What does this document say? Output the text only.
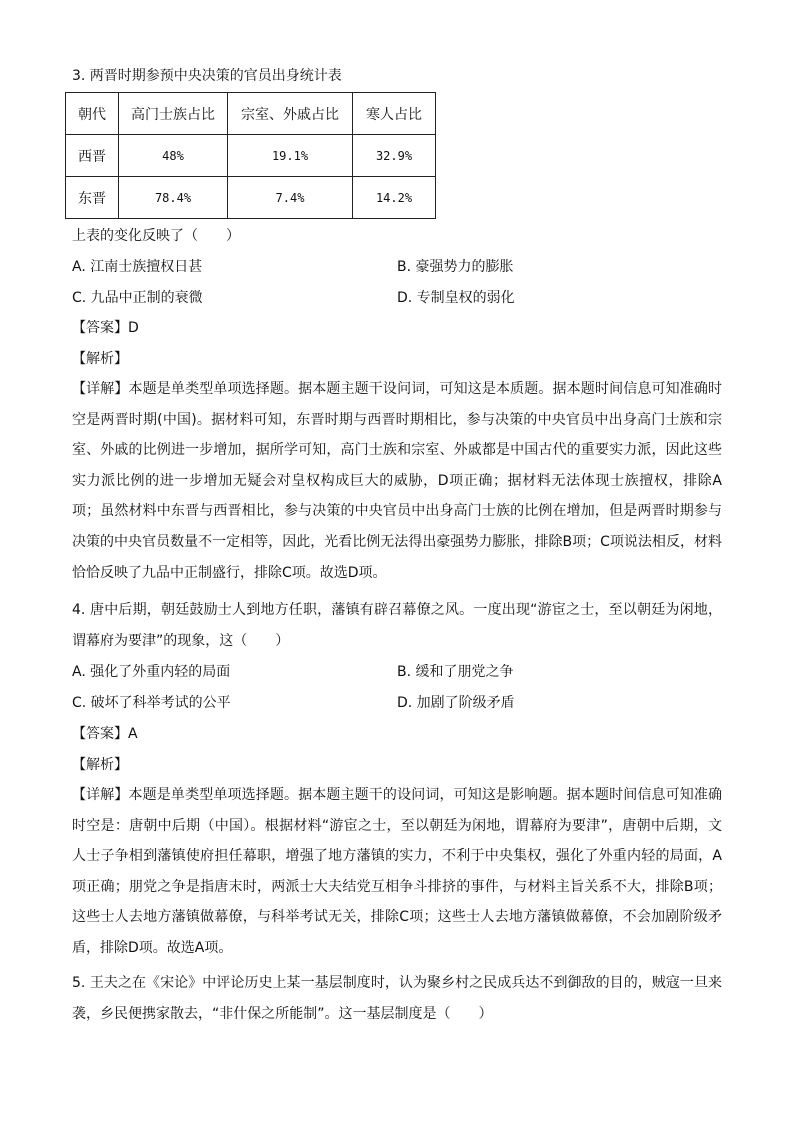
3. 两晋时期参预中央决策的官员出身统计表
朝代	高门士族占比	宗室、外戚占比	寒人占比
西晋	48%	19.1%	32.9%
东晋	78.4%	7.4%	14.2%
上表的变化反映了（　　）
A. 江南士族擅权日甚	B. 豪强势力的膨胀
C. 九品中正制的衰微	D. 专制皇权的弱化
【答案】D
【解析】
【详解】本题是单类型单项选择题。据本题主题干设问词，可知这是本质题。据本题时间信息可知准确时空是两晋时期(中国)。据材料可知，东晋时期与西晋时期相比，参与决策的中央官员中出身高门士族和宗室、外戚的比例进一步增加，据所学可知，高门士族和宗室、外戚都是中国古代的重要实力派，因此这些实力派比例的进一步增加无疑会对皇权构成巨大的威胁，D项正确；据材料无法体现士族擅权，排除A项；虽然材料中东晋与西晋相比，参与决策的中央官员中出身高门士族的比例在增加，但是两晋时期参与决策的中央官员数量不一定相等，因此，光看比例无法得出豪强势力膨胀，排除B项；C项说法相反，材料恰恰反映了九品中正制盛行，排除C项。故选D项。
4. 唐中后期，朝廷鼓励士人到地方任职，藩镇有辟召幕僚之风。一度出现“游宦之士，至以朝廷为闲地，谓幕府为要津”的现象，这（　　）
A. 强化了外重内轻的局面	B. 缓和了朋党之争
C. 破坏了科举考试的公平	D. 加剧了阶级矛盾
【答案】A
【解析】
【详解】本题是单类型单项选择题。据本题主题干的设问词，可知这是影响题。据本题时间信息可知准确时空是：唐朝中后期（中国）。根据材料“游宦之士，至以朝廷为闲地，谓幕府为要津”，唐朝中后期，文人士子争相到藩镇使府担任幕职，增强了地方藩镇的实力，不利于中央集权，强化了外重内轻的局面，A项正确；朋党之争是指唐末时，两派士大夫结党互相争斗排挤的事件，与材料主旨关系不大，排除B项；这些士人去地方藩镇做幕僚，与科举考试无关，排除C项；这些士人去地方藩镇做幕僚，不会加剧阶级矛盾，排除D项。故选A项。
5. 王夫之在《宋论》中评论历史上某一基层制度时，认为聚乡村之民成兵达不到御敌的目的，贼寇一旦来袭，乡民便携家散去，“非什保之所能制”。这一基层制度是（　　）
